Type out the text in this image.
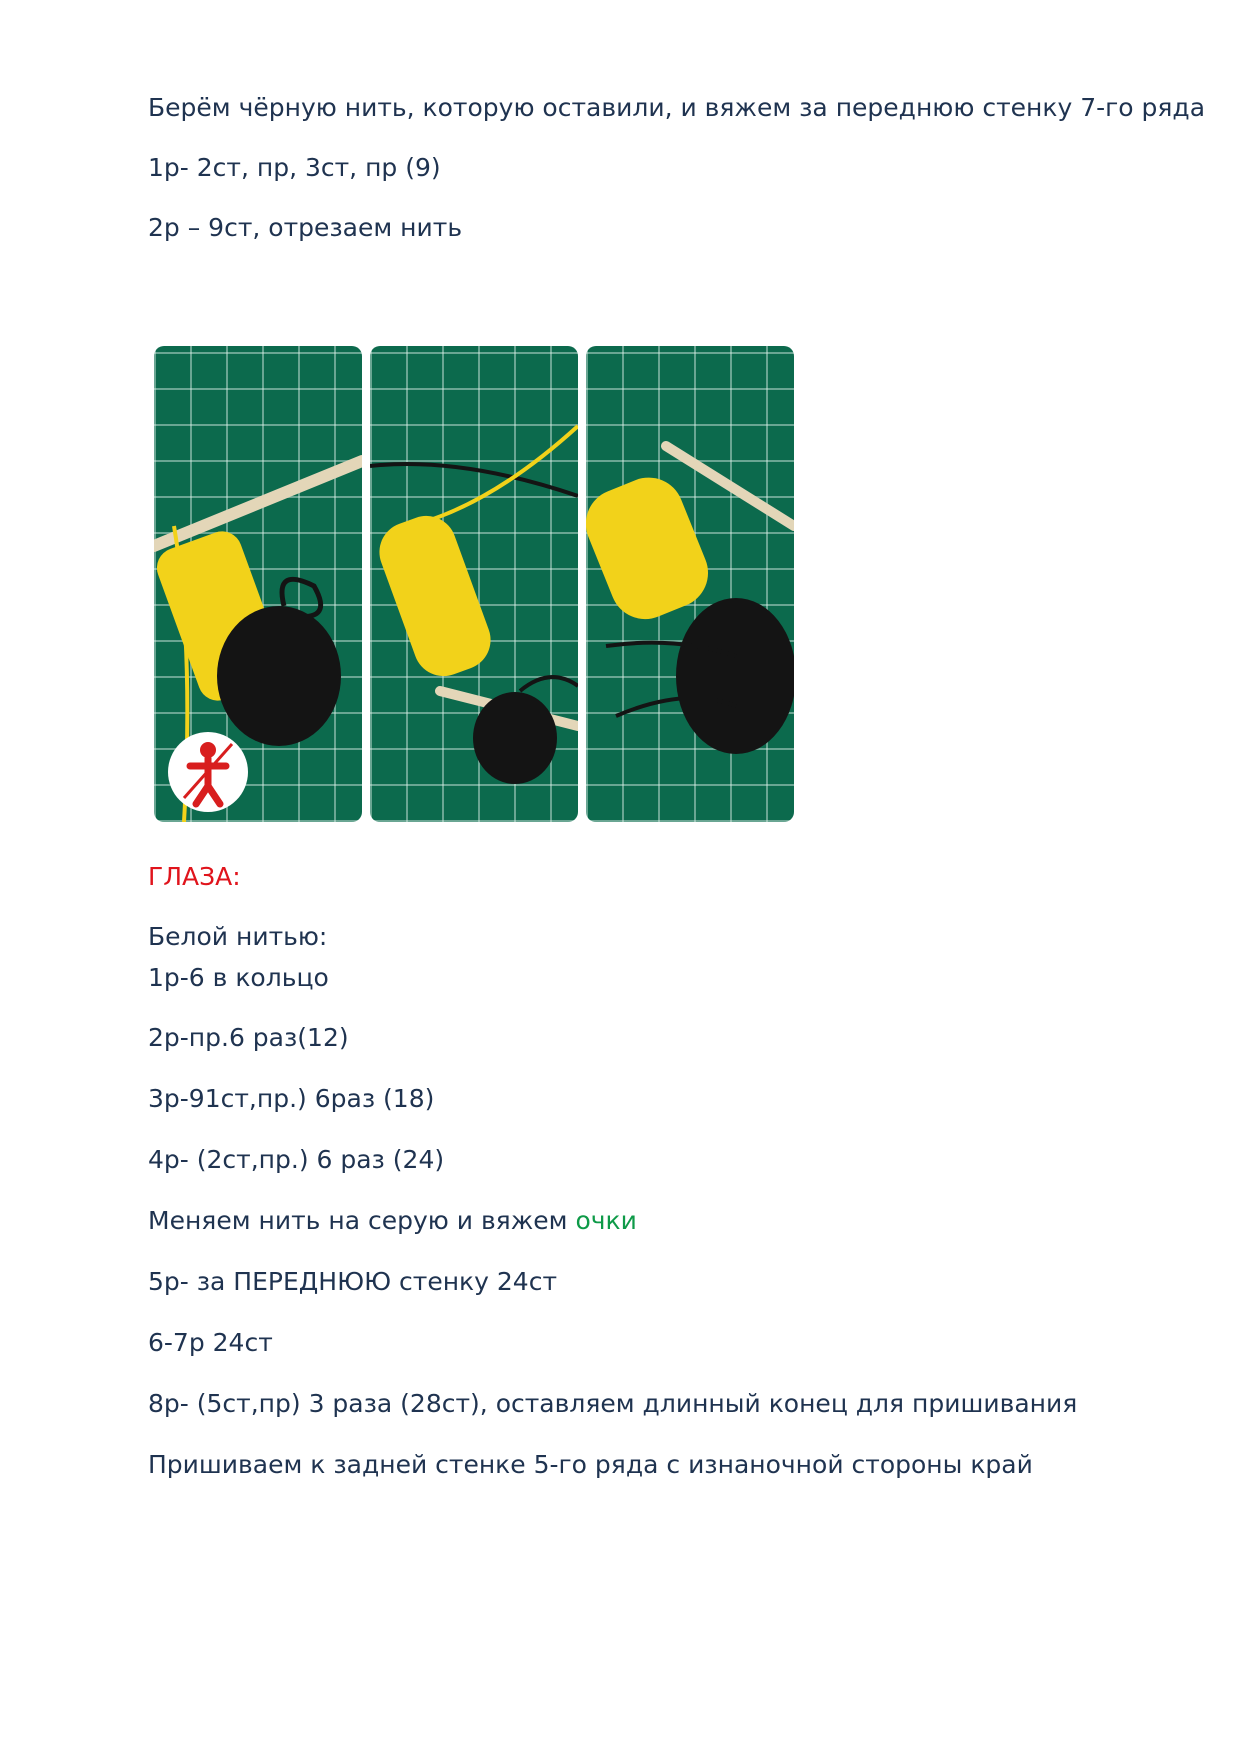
Берём чёрную нить, которую оставили, и вяжем за переднюю стенку 7-го ряда
1р- 2ст, пр, 3ст, пр (9)
2р – 9ст, отрезаем нить
ГЛАЗА:
Белой нитью:
1р-6 в кольцо
2р-пр.6 раз(12)
3р-91ст,пр.) 6раз (18)
4р- (2ст,пр.) 6 раз (24)
Меняем нить на серую и вяжем очки
5р- за ПЕРЕДНЮЮ стенку 24ст
6-7р 24ст
8р- (5ст,пр) 3 раза (28ст), оставляем длинный конец для пришивания
Пришиваем к задней стенке 5-го ряда с изнаночной стороны край
